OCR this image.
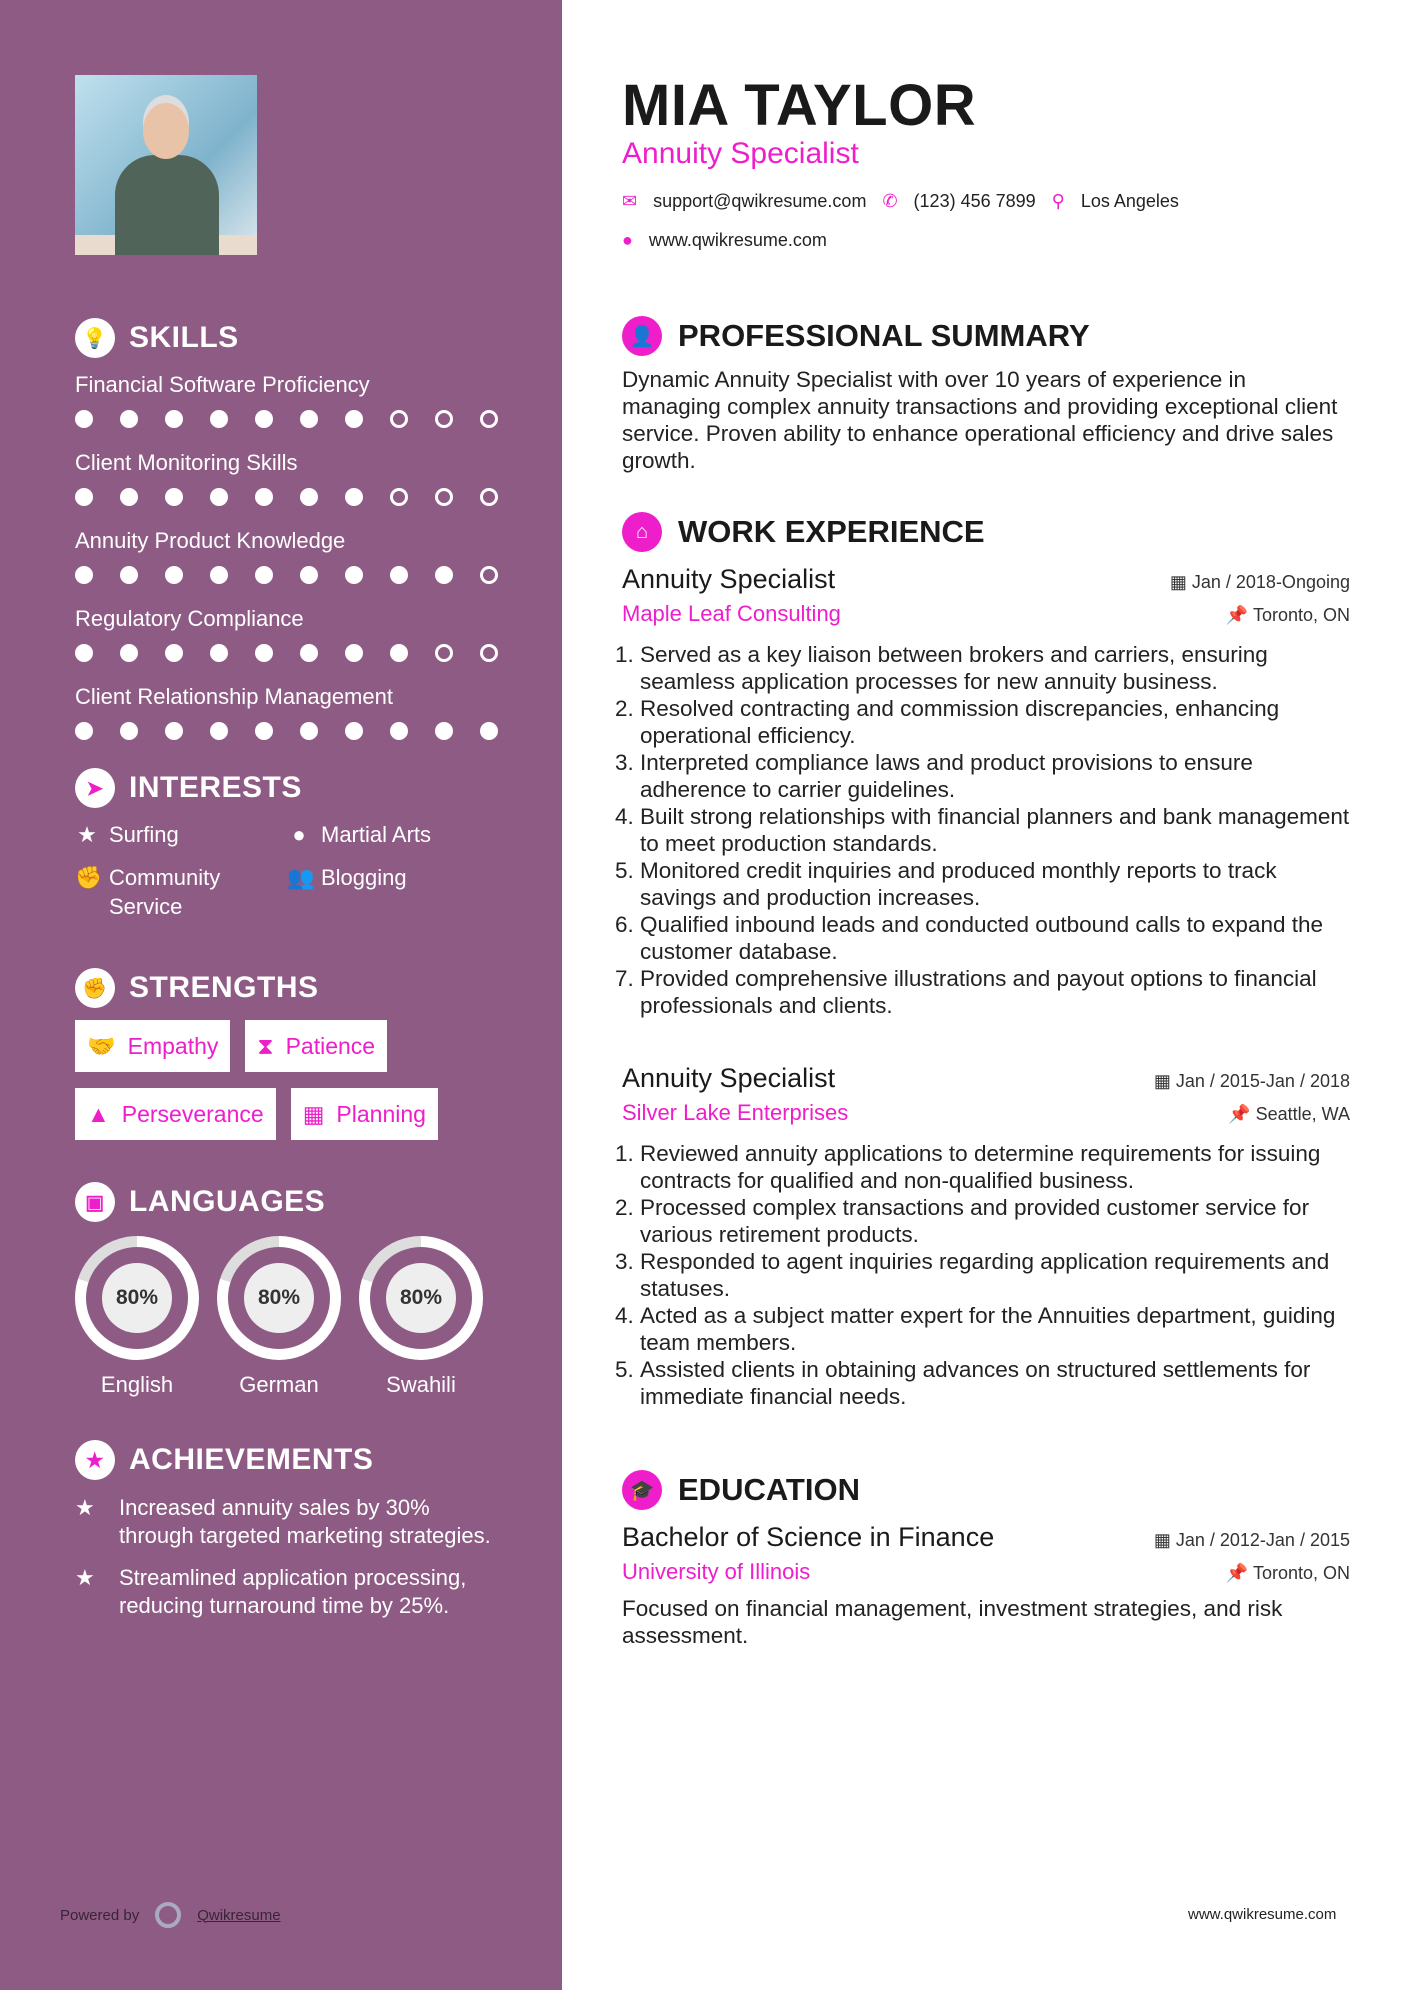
💡 SKILLS
Financial Software Proficiency
Client Monitoring Skills
Annuity Product Knowledge
Regulatory Compliance
Client Relationship Management
➤ INTERESTS
★ Surfing	● Martial Arts
✊ Community Service
👥 Blogging
✊ STRENGTHS
🤝 Empathy ⧗ Patience
▲ Perseverance ▦ Planning
▣ LANGUAGES
80%
English
80%
German
80%
Swahili
★ ACHIEVEMENTS
★	Increased annuity sales by 30% through targeted marketing strategies.
★	Streamlined application processing, reducing turnaround time by 25%.
Powered by	Qwikresume
MIA TAYLOR
Annuity Specialist
✉ support@qwikresume.com ✆ (123) 456 7899 ⚲ Los Angeles
● www.qwikresume.com
👤 PROFESSIONAL SUMMARY

Dynamic Annuity Specialist with over 10 years of experience in managing complex annuity transactions and providing exceptional client service. Proven ability to enhance operational efficiency and drive sales growth.

⌂ WORK EXPERIENCE
Annuity Specialist	▦ Jan / 2018-Ongoing
Maple Leaf Consulting	📌 Toronto, ON
1. Served as a key liaison between brokers and carriers, ensuring seamless application processes for new annuity business.
2. Resolved contracting and commission discrepancies, enhancing operational efficiency.
3. Interpreted compliance laws and product provisions to ensure adherence to carrier guidelines.
4. Built strong relationships with financial planners and bank management to meet production standards.
5. Monitored credit inquiries and produced monthly reports to track savings and production increases.
6. Qualified inbound leads and conducted outbound calls to expand the customer database.
7. Provided comprehensive illustrations and payout options to financial professionals and clients.
Annuity Specialist	▦ Jan / 2015-Jan / 2018
Silver Lake Enterprises	📌 Seattle, WA
1. Reviewed annuity applications to determine requirements for issuing contracts for qualified and non-qualified business.
2. Processed complex transactions and provided customer service for various retirement products.
3. Responded to agent inquiries regarding application requirements and statuses.
4. Acted as a subject matter expert for the Annuities department, guiding team members.
5. Assisted clients in obtaining advances on structured settlements for immediate financial needs.
🎓 EDUCATION
Bachelor of Science in Finance	▦ Jan / 2012-Jan / 2015
University of Illinois	📌 Toronto, ON

Focused on financial management, investment strategies, and risk assessment.

www.qwikresume.com
